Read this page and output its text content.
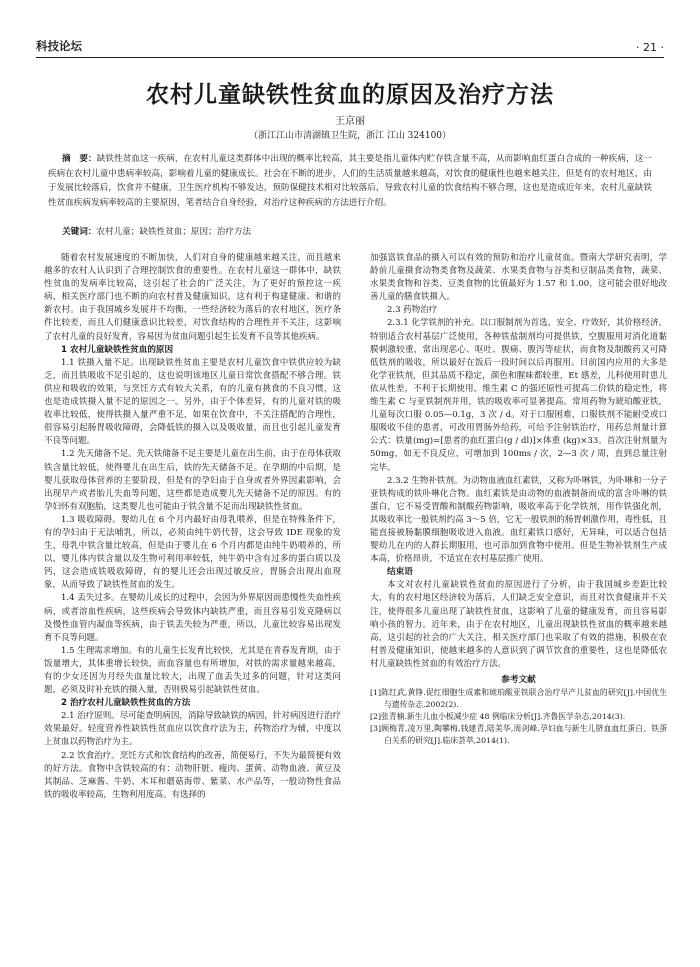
科技论坛	· 21 ·
农村儿童缺铁性贫血的原因及治疗方法
王京丽
（浙江江山市清湖镇卫生院，浙江 江山 324100）
摘　要：缺铁性贫血这一疾病，在农村儿童这类群体中出现的概率比较高，其主要是指儿童体内贮存铁含量不高，从而影响血红蛋白合成的一种疾病，这一疾病在农村儿童中患病率较高，影响着儿童的健康成长。社会在不断的进步，人们的生活质量越来越高，对饮食的健康性也越来越关注，但是有的农村地区，由于发展比较落后，饮食并不健康，卫生医疗机构不够发达，预防保健技术相对比较落后，导致农村儿童的饮食结构不够合理，这也是造成近年来，农村儿童缺铁性贫血疾病发病率较高的主要原因，笔者结合自身经验，对治疗这种疾病的方法进行介绍。
关键词：农村儿童；缺铁性贫血；原因；治疗方法

随着农村发展速度的不断加快，人们对自身的健康越来越关注，而且越来越多的农村人认识到了合理控制饮食的重要性。在农村儿童这一群体中，缺铁性贫血的发病率比较高，这引起了社会的广泛关注，为了更好的预控这一疾病，相关医疗部门也不断的向农村普及健康知识，这有利于构建健康、和谐的新农村。由于我国城乡发展并不均衡，一些经济较为落后的农村地区，医疗条件比较差，而且人们健康意识比较差，对饮食结构的合理性并不关注，这影响了农村儿童的良好发育，容易因为贫血问题引起生长发育不良等其他疾病。

1 农村儿童缺铁性贫血的原因

1.1 铁摄入量不足。出现缺铁性贫血主要是农村儿童饮食中铁供应较为缺乏，而且铁吸收不足引起的，这也说明该地区儿童日常饮食搭配不够合理。铁供应和吸收的效果，与烹饪方式有较大关系，有的儿童有挑食的不良习惯，这也是造成铁摄入量不足的原因之一。另外，由于个体差异，有的儿童对铁的吸收率比较低，使得铁摄入量严重不足，如果在饮食中，不关注搭配的合理性，很容易引起肠胃吸收障碍，会降低铁的摄入以及吸收量，而且也引起儿童发育不良等问题。

1.2 先天储备不足。先天铁储备不足主要是儿童在出生前，由于在母体获取铁含量比较低，使得婴儿在出生后，铁的先天储备不足。在孕期的中后期，是婴儿获取母体营养的主要阶段，但是有的孕妇由于自身或者外界因素影响，会出现早产或者胎儿失血等问题，这些都是造成婴儿先天储备不足的原因。有的孕妇怀有双胞胎，这类婴儿也可能由于铁含量不足而出现缺铁性贫血。

1.3 吸收障碍。婴幼儿在 6 个月内最好由母乳喂养，但是在特殊条件下，有的孕妇由于无法哺乳，所以，必须由纯牛奶代替，这会导致 IDE 现象的发生，母乳中铁含量比较高，但是由于婴儿在 6 个月内都是由纯牛奶喂养的，所以，婴儿体内铁含量以及生物可利用率较低，纯牛奶中含有过多的蛋白质以及钙，这会造成铁吸收障碍，有的婴儿还会出现过敏反应，胃肠会出现出血现象，从而导致了缺铁性贫血的发生。

1.4 丢失过多。在婴幼儿成长的过程中，会因为外界原因而患慢性失血性疾病，或者溶血性疾病，这些疾病会导致体内缺铁严重，而且容易引发克隆病以及慢性血管内凝血等疾病，由于铁丢失较为严重，所以，儿童比较容易出现发育不良等问题。

1.5 生理需求增加。有的儿童生长发育比较快，尤其是在青春发育期，由于饭量增大，其体重增长较快，而血容量也有所增加，对铁的需求量越来越高，有的少女还因为月经失血量比较大，出现了血丢失过多的问题，针对这类问题，必须及时补充铁的摄入量，否则极易引起缺铁性贫血。

2 治疗农村儿童缺铁性贫血的方法

2.1 治疗原则。尽可能查明病因，消除导致缺铁的病因，针对病因进行治疗效果最好。轻度营养性缺铁性贫血应以饮食疗法为主，药物治疗为辅，中度以上贫血以药物治疗为主。

2.2 饮食治疗。烹饪方式和饮食结构的改善，简便易行，不失为最简便有效的好方法。食物中含铁较高的有：动物肝脏、瘦肉、蛋黄、动物血液、黄豆及其制品、芝麻酱、牛奶、木耳和蘑菇海带、紫菜、水产品等，一般动物性食品铁的吸收率较高，生物利用度高。有选择的

加强富铁食品的摄入可以有效的预防和治疗儿童贫血。暨南大学研究表明，学龄前儿童摄食动物类食物及蔬菜、水果类食物与谷类和豆制品类食物，蔬菜、水果类食物和谷类、豆类食物的比值最好为 1.57 和 1.00，这可能会很好地改善儿童的膳食铁摄入。

2.3 药物治疗

2.3.1 化学铁剂的补充。以口服制剂为首选，安全、疗效好，其价格经济，特别适合农村基层广泛使用，各种铁盐制剂均可提供铁，空腹服用对消化道黏膜刺激较重，常出现恶心、呕吐、腹痛、腹泻等症状，而食物及制酸药又可降低铁剂的吸收，所以最好在饭后一段时间以后再服用。目前国内应用的大多是化学亚铁剂，但其品质不稳定，颜色和腥味都较重，Et 感差，儿科使用时患儿依从性差，不利于长期使用。维生素 C 的强还原性可提高二价铁的稳定性，将维生素 C 与亚铁制剂并用，铁的吸收率可显著提高。常用药物为琥珀酸亚铁，儿童每次口服 0.05—0.1g，3 次 / d。对于口服困难，口服铁剂不能耐受或口服吸收不佳的患者，可改用胃肠外给药，可给予注射铁治疗，用药总剂量计算公式：铁量(mg)=[患者的血红蛋白(g / dl)]×体重 (kg)×33。首次注射剂量为 50mg，如无不良反应，可增加到 100ms / 次，2—3 次 / 周，直到总量注射完毕。

2.3.2 生物补铁剂。为动物血液血红素铁，又称为卟啉铁，为卟啉和一分子亚铁构成的铁卟啉化合物。血红素铁是由动物的血液制备而成的富含卟啉的铁蛋白，它不易受胃酸和制酸药物影响，吸收率高于化学铁剂，用作铁强化剂，其吸收率比一般铁剂约高 3～5 倍，它无一般铁剂的肠胃刺激作用，毒性低，且能直接被肠黏膜细胞吸收进入血液。血红素铁口感好，无异味，可以适合包括婴幼儿在内的人群长期服用，也可添加到食物中使用。但是生物补铁剂生产成本高，价格昂贵，不适宜在农村基层推广使用。

结束语

本文对农村儿童缺铁性贫血的原因进行了分析，由于我国城乡差距比较大，有的农村地区经济较为落后，人们缺乏安全意识，而且对饮食健康并不关注，使得很多儿童出现了缺铁性贫血，这影响了儿童的健康发育，而且容易影响小孩的智力。近年来，由于在农村地区，儿童出现缺铁性贫血的概率越来越高，这引起的社会的广大关注，相关医疗部门也采取了有效的措施，积极在农村普及健康知识，使越来越多的人意识到了调节饮食的重要性，这也是降低农村儿童缺铁性贫血的有效治疗方法。

参考文献
[1]陈红武,黄铮.促红细胞生成素和琥珀酸亚铁联合治疗早产儿贫血的研究[J].中国优生与遗传杂志,2002(2).
[2]张青楠.新生儿血小板减少症 48 例临床分析[J].齐鲁医学杂志,2014(3).
[3]顾梅青,凌万里,陶攀梅,钱建青,陆美华,周剑峰.孕妇血与新生儿脐血血红蛋白、铁蛋白关系的研究[J].临床荟萃,2014(1).
